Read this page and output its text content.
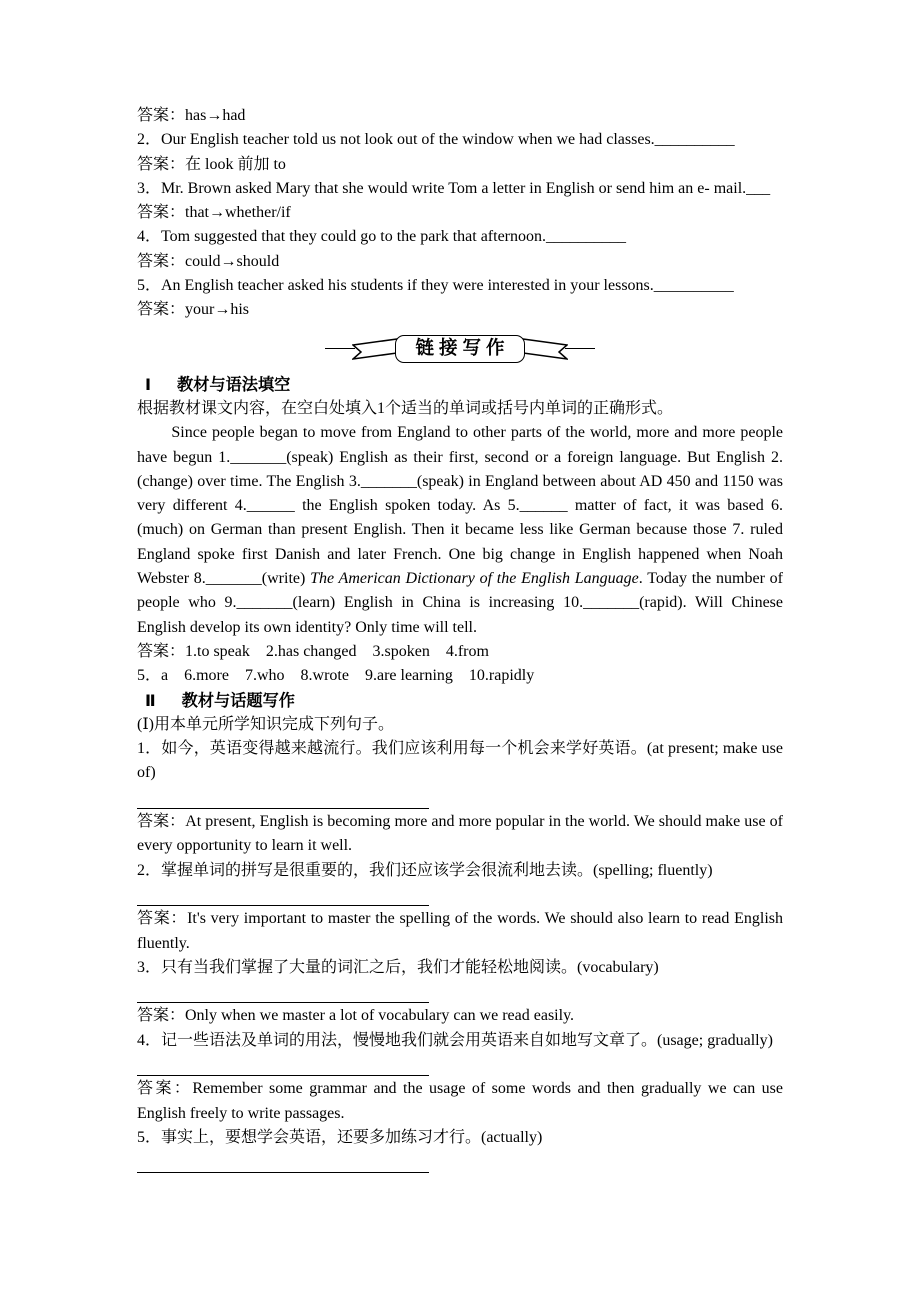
答案：has→had
2．Our English teacher told us not look out of the window when we had classes.__________
答案：在 look 前加 to
3．Mr. Brown asked Mary that she would write Tom a letter in English or send him an e- mail.___
答案：that→whether/if
4．Tom suggested that they could go to the park that afternoon.__________
答案：could→should
5．An English teacher asked his students if they were interested in your lessons.__________
答案：your→his
链接写作
Ⅰ 教材与语法填空
根据教材课文内容，在空白处填入1个适当的单词或括号内单词的正确形式。
Since people began to move from England to other parts of the world, more and more people have begun 1._______(speak) English as their first, second or a foreign language. But English 2. (change) over time. The English 3._______(speak) in England between about AD 450 and 1150 was very different 4.______ the English spoken today. As 5.______ matter of fact, it was based 6. (much) on German than present English. Then it became less like German because those 7. ruled England spoke first Danish and later French. One big change in English happened when Noah Webster 8._______(write) The American Dictionary of the English Language. Today the number of people who 9._______(learn) English in China is increasing 10._______(rapid). Will Chinese English develop its own identity? Only time will tell.
答案：1.to speak　2.has changed　3.spoken　4.from
5．a　6.more　7.who　8.wrote　9.are learning　10.rapidly
Ⅱ 教材与话题写作
(Ⅰ)用本单元所学知识完成下列句子。
1．如今，英语变得越来越流行。我们应该利用每一个机会来学好英语。(at present; make use of)
答案：At present, English is becoming more and more popular in the world. We should make use of every opportunity to learn it well.
2．掌握单词的拼写是很重要的，我们还应该学会很流利地去读。(spelling; fluently)
答案：It's very important to master the spelling of the words. We should also learn to read English fluently.
3．只有当我们掌握了大量的词汇之后，我们才能轻松地阅读。(vocabulary)
答案：Only when we master a lot of vocabulary can we read easily.
4．记一些语法及单词的用法，慢慢地我们就会用英语来自如地写文章了。(usage; gradually)
答案：Remember some grammar and the usage of some words and then gradually we can use English freely to write passages.
5．事实上，要想学会英语，还要多加练习才行。(actually)
